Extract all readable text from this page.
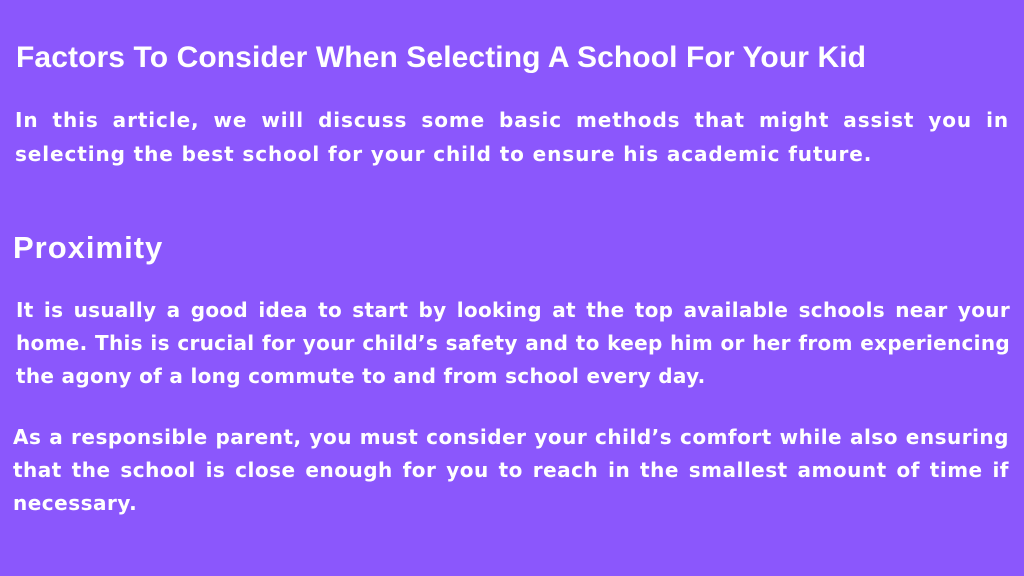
Factors To Consider When Selecting A School For Your Kid

In this article, we will discuss some basic methods that might assist you in selecting the best school for your child to ensure his academic future.

Proximity

It is usually a good idea to start by looking at the top available schools near your home. This is crucial for your child’s safety and to keep him or her from experiencing the agony of a long commute to and from school every day.

As a responsible parent, you must consider your child’s comfort while also ensuring that the school is close enough for you to reach in the smallest amount of time if necessary.
